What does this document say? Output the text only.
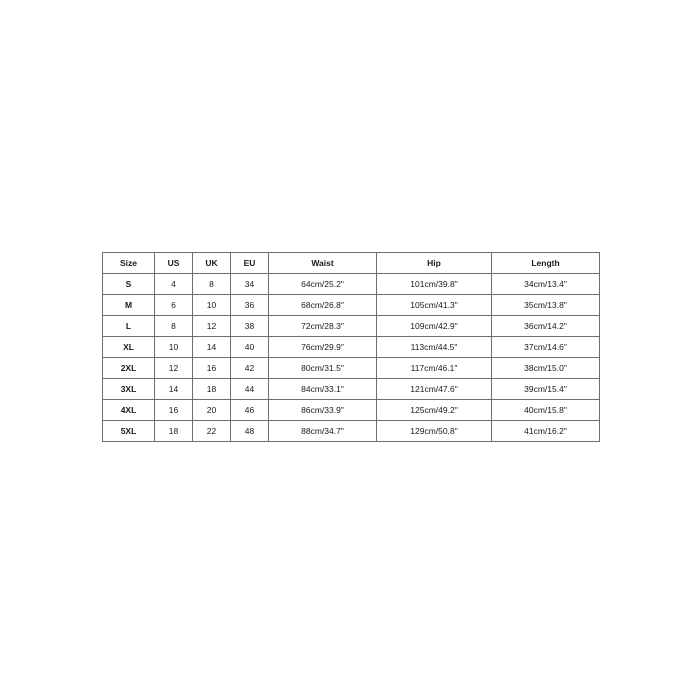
Size	US	UK	EU	Waist	Hip	Length
S	4	8	34	64cm/25.2"	101cm/39.8"	34cm/13.4"
M	6	10	36	68cm/26.8"	105cm/41.3"	35cm/13.8"
L	8	12	38	72cm/28.3"	109cm/42.9"	36cm/14.2"
XL	10	14	40	76cm/29.9"	113cm/44.5"	37cm/14.6"
2XL	12	16	42	80cm/31.5"	117cm/46.1"	38cm/15.0"
3XL	14	18	44	84cm/33.1"	121cm/47.6"	39cm/15.4"
4XL	16	20	46	86cm/33.9"	125cm/49.2"	40cm/15.8"
5XL	18	22	48	88cm/34.7"	129cm/50.8"	41cm/16.2"
